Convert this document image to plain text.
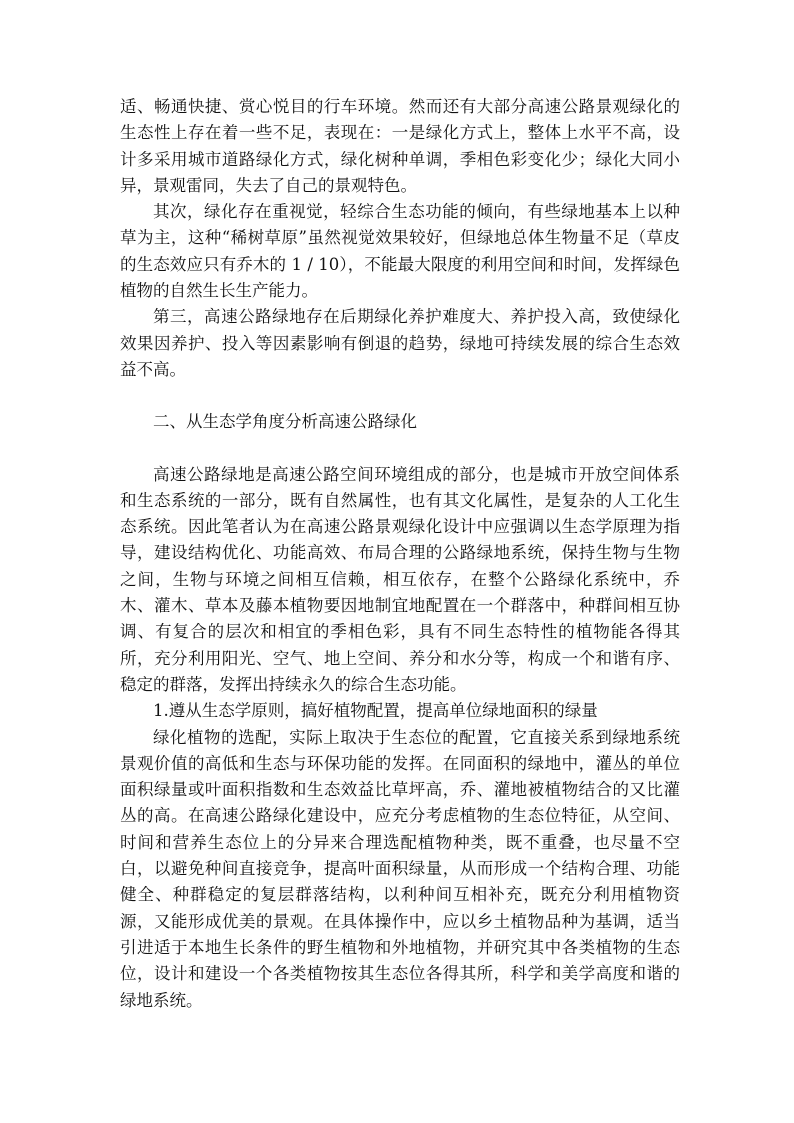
适、畅通快捷、赏心悦目的行车环境。然而还有大部分高速公路景观绿化的生态性上存在着一些不足，表现在：一是绿化方式上，整体上水平不高，设计多采用城市道路绿化方式，绿化树种单调，季相色彩变化少；绿化大同小异，景观雷同，失去了自己的景观特色。

其次，绿化存在重视觉，轻综合生态功能的倾向，有些绿地基本上以种草为主，这种“稀树草原”虽然视觉效果较好，但绿地总体生物量不足（草皮的生态效应只有乔木的 1 / 10），不能最大限度的利用空间和时间，发挥绿色植物的自然生长生产能力。

第三，高速公路绿地存在后期绿化养护难度大、养护投入高，致使绿化效果因养护、投入等因素影响有倒退的趋势，绿地可持续发展的综合生态效益不高。

二、从生态学角度分析高速公路绿化

高速公路绿地是高速公路空间环境组成的部分，也是城市开放空间体系和生态系统的一部分，既有自然属性，也有其文化属性，是复杂的人工化生态系统。因此笔者认为在高速公路景观绿化设计中应强调以生态学原理为指导，建设结构优化、功能高效、布局合理的公路绿地系统，保持生物与生物之间，生物与环境之间相互信赖，相互依存，在整个公路绿化系统中，乔木、灌木、草本及藤本植物要因地制宜地配置在一个群落中，种群间相互协调、有复合的层次和相宜的季相色彩，具有不同生态特性的植物能各得其所，充分利用阳光、空气、地上空间、养分和水分等，构成一个和谐有序、稳定的群落，发挥出持续永久的综合生态功能。

1.遵从生态学原则，搞好植物配置，提高单位绿地面积的绿量

绿化植物的选配，实际上取决于生态位的配置，它直接关系到绿地系统景观价值的高低和生态与环保功能的发挥。在同面积的绿地中，灌丛的单位面积绿量或叶面积指数和生态效益比草坪高，乔、灌地被植物结合的又比灌丛的高。在高速公路绿化建设中，应充分考虑植物的生态位特征，从空间、时间和营养生态位上的分异来合理选配植物种类，既不重叠，也尽量不空白，以避免种间直接竞争，提高叶面积绿量，从而形成一个结构合理、功能健全、种群稳定的复层群落结构，以利种间互相补充，既充分利用植物资源，又能形成优美的景观。在具体操作中，应以乡土植物品种为基调，适当引进适于本地生长条件的野生植物和外地植物，并研究其中各类植物的生态位，设计和建设一个各类植物按其生态位各得其所，科学和美学高度和谐的绿地系统。
